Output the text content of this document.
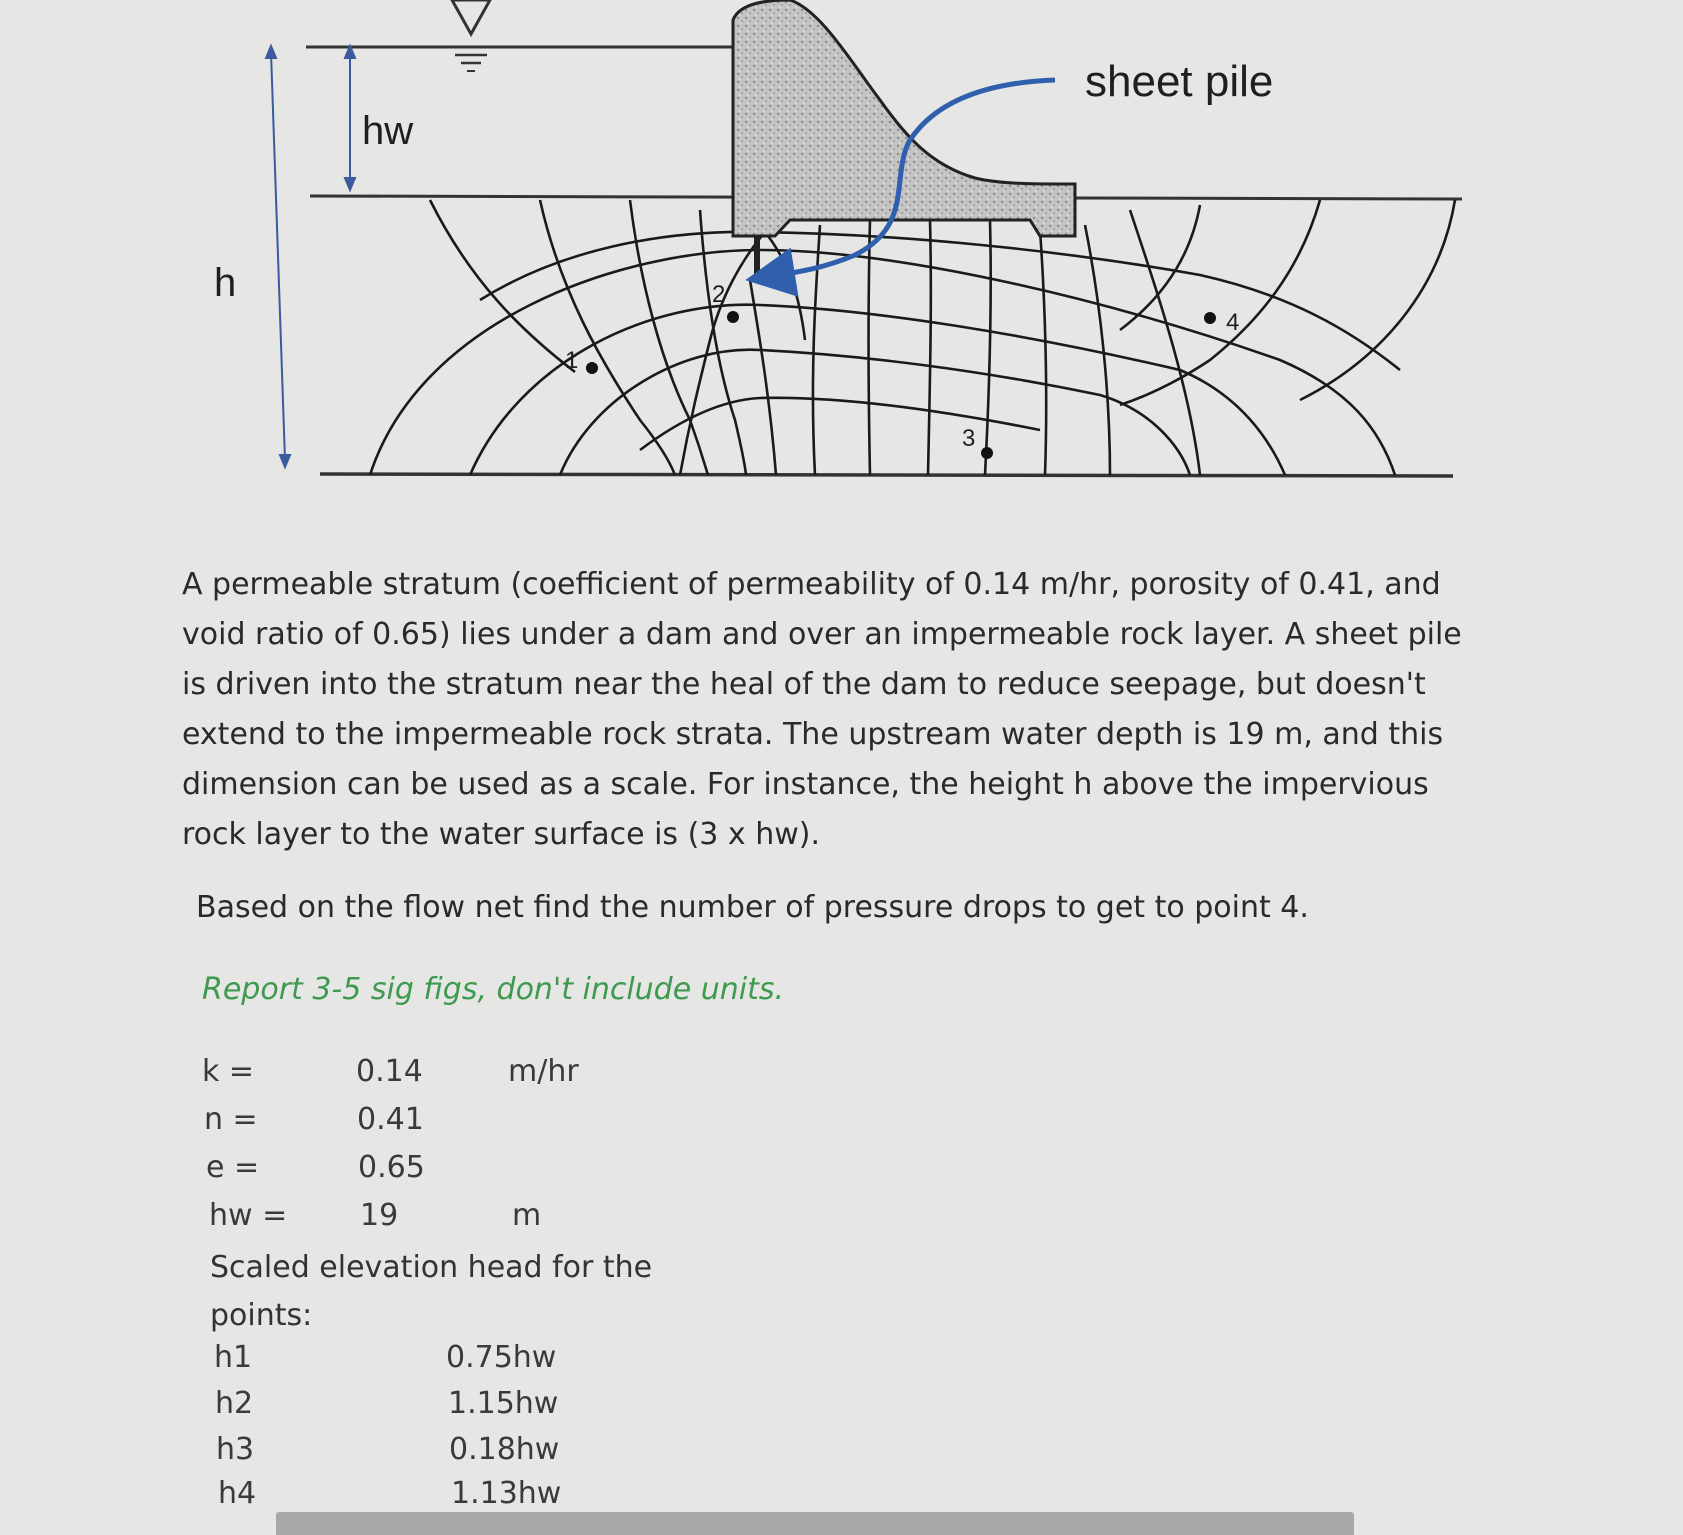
hw
h
sheet pile
1
2
3
4
A permeable stratum (coefficient of permeability of 0.14 m/hr, porosity of 0.41, and void ratio of 0.65) lies under a dam and over an impermeable rock layer. A sheet pile is driven into the stratum near the heal of the dam to reduce seepage, but doesn't extend to the impermeable rock strata. The upstream water depth is 19 m, and this dimension can be used as a scale. For instance, the height h above the impervious rock layer to the water surface is (3 x hw).
Based on the flow net find the number of pressure drops to get to point 4.
Report 3-5 sig figs, don't include units.
k =	0.14	m/hr
n =	0.41
e =	0.65
hw = 19	m
Scaled elevation head for the points:
h1	0.75hw
h2	1.15hw
h3	0.18hw
h4	1.13hw
